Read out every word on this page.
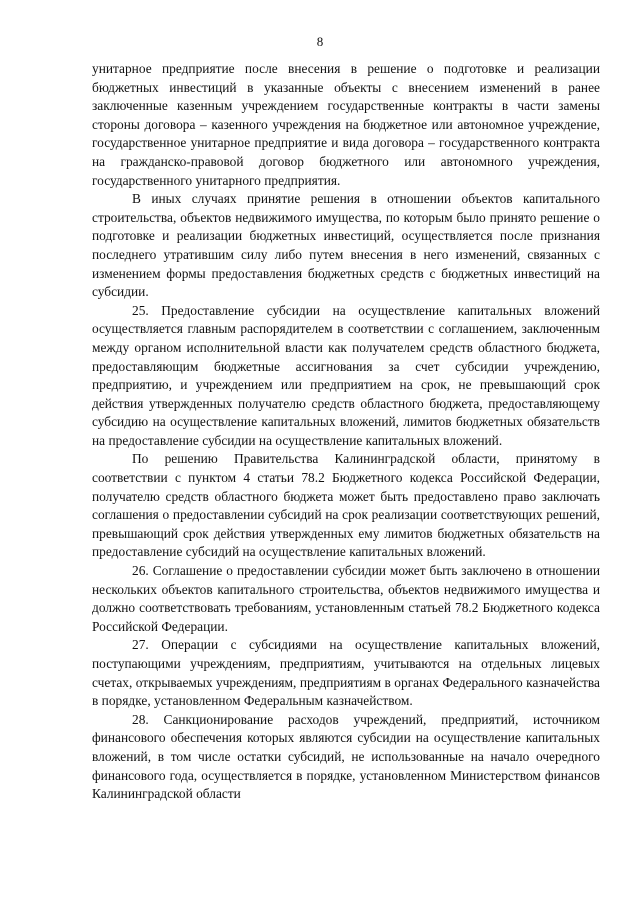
8

унитарное предприятие после внесения в решение о подготовке и реализации бюджетных инвестиций в указанные объекты с внесением изменений в ранее заключенные казенным учреждением государственные контракты в части замены стороны договора – казенного учреждения на бюджетное или автономное учреждение, государственное унитарное предприятие и вида договора – государственного контракта на гражданско-правовой договор бюджетного или автономного учреждения, государственного унитарного предприятия.

В иных случаях принятие решения в отношении объектов капитального строительства, объектов недвижимого имущества, по которым было принято решение о подготовке и реализации бюджетных инвестиций, осуществляется после признания последнего утратившим силу либо путем внесения в него изменений, связанных с изменением формы предоставления бюджетных средств с бюджетных инвестиций на субсидии.

25. Предоставление субсидии на осуществление капитальных вложений осуществляется главным распорядителем в соответствии с соглашением, заключенным между органом исполнительной власти как получателем средств областного бюджета, предоставляющим бюджетные ассигнования за счет субсидии учреждению, предприятию, и учреждением или предприятием на срок, не превышающий срок действия утвержденных получателю средств областного бюджета, предоставляющему субсидию на осуществление капитальных вложений, лимитов бюджетных обязательств на предоставление субсидии на осуществление капитальных вложений.

По решению Правительства Калининградской области, принятому в соответствии с пунктом 4 статьи 78.2 Бюджетного кодекса Российской Федерации, получателю средств областного бюджета может быть предоставлено право заключать соглашения о предоставлении субсидий на срок реализации соответствующих решений, превышающий срок действия утвержденных ему лимитов бюджетных обязательств на предоставление субсидий на осуществление капитальных вложений.

26. Соглашение о предоставлении субсидии может быть заключено в отношении нескольких объектов капитального строительства, объектов недвижимого имущества и должно соответствовать требованиям, установленным статьей 78.2 Бюджетного кодекса Российской Федерации.

27. Операции с субсидиями на осуществление капитальных вложений, поступающими учреждениям, предприятиям, учитываются на отдельных лицевых счетах, открываемых учреждениям, предприятиям в органах Федерального казначейства в порядке, установленном Федеральным казначейством.

28. Санкционирование расходов учреждений, предприятий, источником финансового обеспечения которых являются субсидии на осуществление капитальных вложений, в том числе остатки субсидий, не использованные на начало очередного финансового года, осуществляется в порядке, установленном Министерством финансов Калининградской области
